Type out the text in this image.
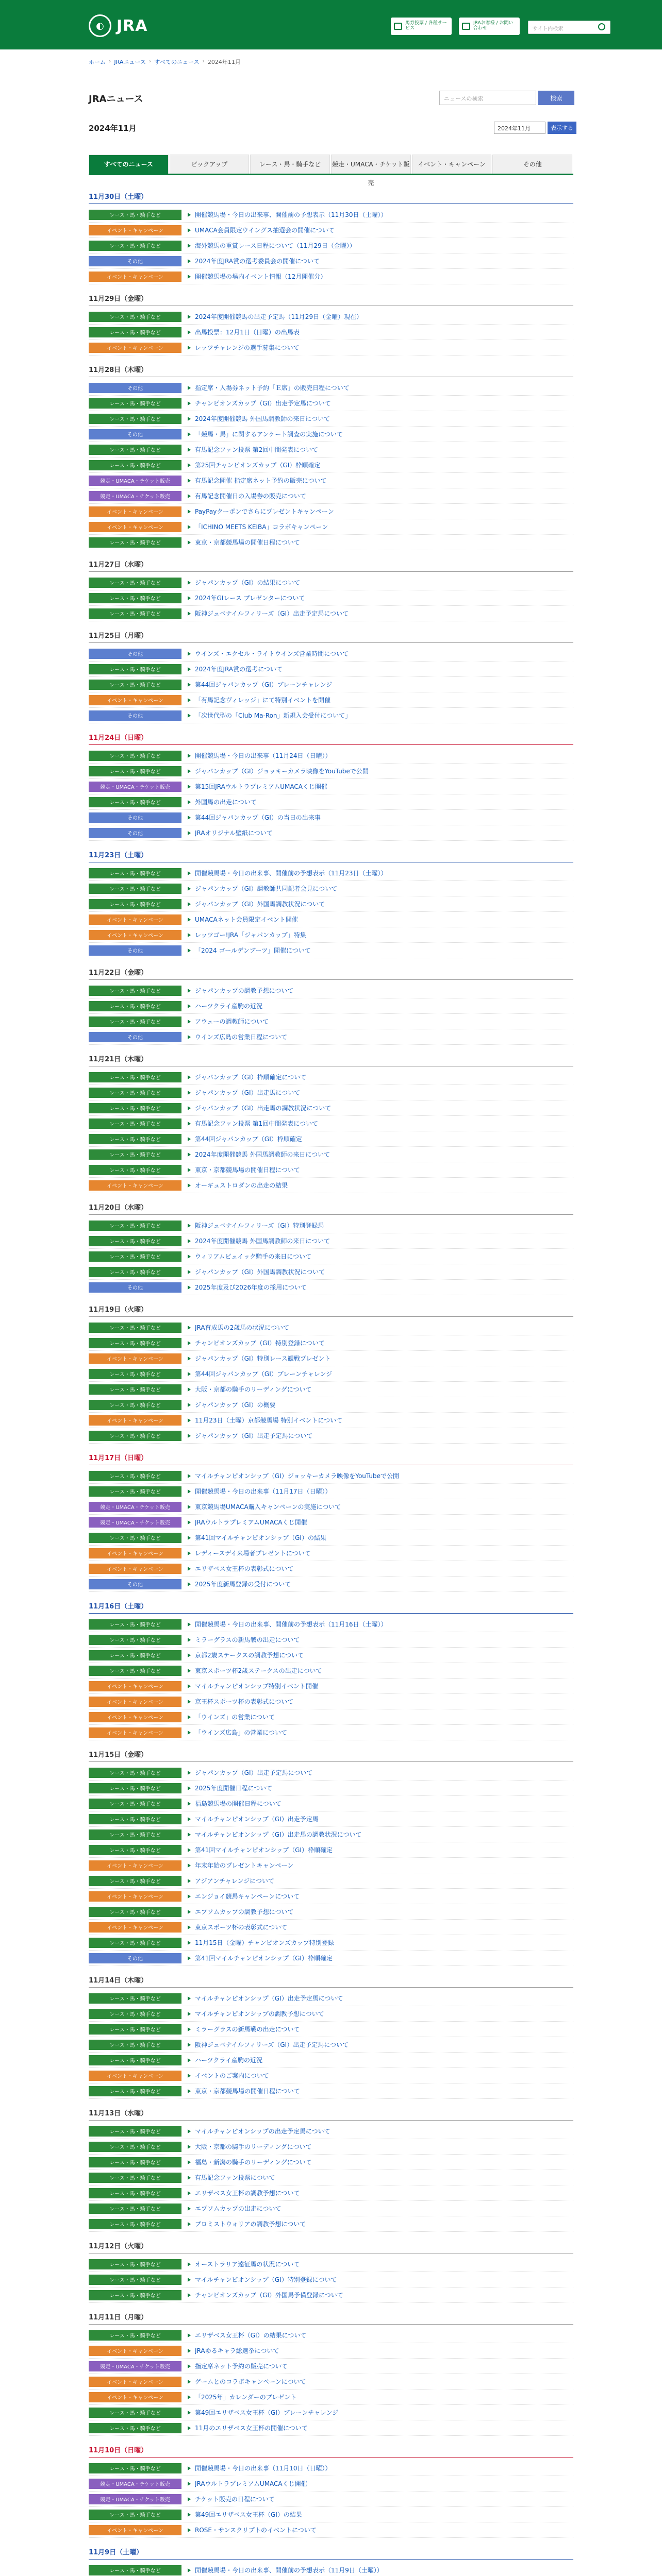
◐ JRA	馬券投票 / 各種サービス
JRAお客様 / お問い合わせ	サイト内検索
ホーム › JRAニュース › すべてのニュース › 2024年11月
JRAニュース	ニュースの検索	検索
2024年11月	2024年11月	表示する
すべてのニュース	ピックアップ	レース・馬・騎手など	競走・UMACA・チケット販売
イベント・キャンペーン	その他
11月30日（土曜）
レース・馬・騎手など	開催競馬場・今日の出来事、開催前の予想表示（11月30日（土曜））
イベント・キャンペーン	UMACA会員限定ウイングス抽選会の開催について
レース・馬・騎手など	海外競馬の重賞レース日程について（11月29日（金曜））
その他	2024年度JRA賞の選考委員会の開催について
イベント・キャンペーン	開催競馬場の場内イベント情報（12月開催分）
11月29日（金曜）
レース・馬・騎手など	2024年度開催競馬の出走予定馬（11月29日（金曜）現在）
レース・馬・騎手など	出馬投票：12月1日（日曜）の出馬表
イベント・キャンペーン	レッツチャレンジの選手募集について
11月28日（木曜）
その他	指定席・入場券ネット予約「Ｅ席」の販売日程について
レース・馬・騎手など	チャンピオンズカップ（GⅠ）出走予定馬について
レース・馬・騎手など	2024年度開催競馬 外国馬調教師の来日について
その他	「競馬・馬」に関するアンケート調査の実施について
レース・馬・騎手など	有馬記念ファン投票 第2回中間発表について
レース・馬・騎手など	第25回チャンピオンズカップ（GⅠ）枠順確定
競走・UMACA・チケット販売	有馬記念開催 指定席ネット予約の販売について
競走・UMACA・チケット販売	有馬記念開催日の入場券の販売について
イベント・キャンペーン	PayPayクーポンでさらにプレゼントキャンペーン
イベント・キャンペーン	「ICHINO MEETS KEIBA」コラボキャンペーン
レース・馬・騎手など	東京・京都競馬場の開催日程について
11月27日（水曜）
レース・馬・騎手など	ジャパンカップ（GⅠ）の結果について
レース・馬・騎手など	2024年GⅠレース プレゼンターについて
レース・馬・騎手など	阪神ジュベナイルフィリーズ（GⅠ）出走予定馬について
11月25日（月曜）
その他	ウインズ・エクセル・ライトウインズ営業時間について
レース・馬・騎手など	2024年度JRA賞の選考について
レース・馬・騎手など	第44回ジャパンカップ（GⅠ）ブレーンチャレンジ
イベント・キャンペーン	「有馬記念ヴィレッジ」にて特別イベントを開催
その他	「次世代型の「Club Ma-Ron」新規入会受付について」
11月24日（日曜）
レース・馬・騎手など	開催競馬場・今日の出来事（11月24日（日曜））
レース・馬・騎手など	ジャパンカップ（GⅠ）ジョッキーカメラ映像をYouTubeで公開
競走・UMACA・チケット販売	第15回JRAウルトラプレミアムUMACAくじ開催
レース・馬・騎手など	外国馬の出走について
その他	第44回ジャパンカップ（GⅠ）の当日の出来事
その他	JRAオリジナル壁紙について
11月23日（土曜）
レース・馬・騎手など	開催競馬場・今日の出来事、開催前の予想表示（11月23日（土曜））
レース・馬・騎手など	ジャパンカップ（GⅠ）調教師共同記者会見について
レース・馬・騎手など	ジャパンカップ（GⅠ）外国馬調教状況について
イベント・キャンペーン	UMACAネット会員限定イベント開催
イベント・キャンペーン	レッツゴー!JRA「ジャパンカップ」特集
その他	「2024 ゴールデンブーツ」開催について
11月22日（金曜）
レース・馬・騎手など	ジャパンカップの調教予想について
レース・馬・騎手など	ハーツクライ産駒の近況
レース・馬・騎手など	アウェーの調教師について
その他	ウインズ広島の営業日程について
11月21日（木曜）
レース・馬・騎手など	ジャパンカップ（GⅠ）枠順確定について
レース・馬・騎手など	ジャパンカップ（GⅠ）出走馬について
レース・馬・騎手など	ジャパンカップ（GⅠ）出走馬の調教状況について
レース・馬・騎手など	有馬記念ファン投票 第1回中間発表について
レース・馬・騎手など	第44回ジャパンカップ（GⅠ）枠順確定
レース・馬・騎手など	2024年度開催競馬 外国馬調教師の来日について
レース・馬・騎手など	東京・京都競馬場の開催日程について
イベント・キャンペーン	オーギュストロダンの出走の結果
11月20日（水曜）
レース・馬・騎手など	阪神ジュベナイルフィリーズ（GⅠ）特別登録馬
レース・馬・騎手など	2024年度開催競馬 外国馬調教師の来日について
レース・馬・騎手など	ウィリアムビュイック騎手の来日について
レース・馬・騎手など	ジャパンカップ（GⅠ）外国馬調教状況について
その他	2025年度及び2026年度の採用について
11月19日（火曜）
レース・馬・騎手など	JRA育成馬の2歳馬の状況について
レース・馬・騎手など	チャンピオンズカップ（GⅠ）特別登録について
イベント・キャンペーン	ジャパンカップ（GⅠ）特別レース観戦プレゼント
レース・馬・騎手など	第44回ジャパンカップ（GⅠ）ブレーンチャレンジ
レース・馬・騎手など	大阪・京都の騎手のリーディングについて
レース・馬・騎手など	ジャパンカップ（GⅠ）の概要
イベント・キャンペーン	11月23日（土曜）京都競馬場 特別イベントについて
レース・馬・騎手など	ジャパンカップ（GⅠ）出走予定馬について
11月17日（日曜）
レース・馬・騎手など	マイルチャンピオンシップ（GⅠ）ジョッキーカメラ映像をYouTubeで公開
レース・馬・騎手など	開催競馬場・今日の出来事（11月17日（日曜））
競走・UMACA・チケット販売	東京競馬場UMACA購入キャンペーンの実施について
競走・UMACA・チケット販売	JRAウルトラプレミアムUMACAくじ開催
レース・馬・騎手など	第41回マイルチャンピオンシップ（GⅠ）の結果
イベント・キャンペーン	レディースデイ来場者プレゼントについて
イベント・キャンペーン	エリザベス女王杯の表彰式について
その他	2025年度新馬登録の受付について
11月16日（土曜）
レース・馬・騎手など	開催競馬場・今日の出来事、開催前の予想表示（11月16日（土曜））
レース・馬・騎手など	ミラーグラスの新馬戦の出走について
レース・馬・騎手など	京都2歳ステークスの調教予想について
レース・馬・騎手など	東京スポーツ杯2歳ステークスの出走について
イベント・キャンペーン	マイルチャンピオンシップ特別イベント開催
イベント・キャンペーン	京王杯スポーツ杯の表彰式について
イベント・キャンペーン	「ウインズ」の営業について
イベント・キャンペーン	「ウインズ広島」の営業について
11月15日（金曜）
レース・馬・騎手など	ジャパンカップ（GⅠ）出走予定馬について
レース・馬・騎手など	2025年度開催日程について
レース・馬・騎手など	福島競馬場の開催日程について
レース・馬・騎手など	マイルチャンピオンシップ（GⅠ）出走予定馬
レース・馬・騎手など	マイルチャンピオンシップ（GⅠ）出走馬の調教状況について
レース・馬・騎手など	第41回マイルチャンピオンシップ（GⅠ）枠順確定
イベント・キャンペーン	年末年始のプレゼントキャンペーン
レース・馬・騎手など	アジアンチャレンジについて
イベント・キャンペーン	エンジョイ競馬キャンペーンについて
レース・馬・騎手など	エプソムカップの調教予想について
イベント・キャンペーン	東京スポーツ杯の表彰式について
レース・馬・騎手など	11月15日（金曜）チャンピオンズカップ特別登録
その他	第41回マイルチャンピオンシップ（GⅠ）枠順確定
11月14日（木曜）
レース・馬・騎手など	マイルチャンピオンシップ（GⅠ）出走予定馬について
レース・馬・騎手など	マイルチャンピオンシップの調教予想について
レース・馬・騎手など	ミラーグラスの新馬戦の出走について
レース・馬・騎手など	阪神ジュベナイルフィリーズ（GⅠ）出走予定馬について
レース・馬・騎手など	ハーツクライ産駒の近況
イベント・キャンペーン	イベントのご案内について
レース・馬・騎手など	東京・京都競馬場の開催日程について
11月13日（水曜）
レース・馬・騎手など	マイルチャンピオンシップの出走予定馬について
レース・馬・騎手など	大阪・京都の騎手のリーディングについて
レース・馬・騎手など	福島・新潟の騎手のリーディングについて
レース・馬・騎手など	有馬記念ファン投票について
レース・馬・騎手など	エリザベス女王杯の調教予想について
レース・馬・騎手など	エプソムカップの出走について
レース・馬・騎手など	プロミストウォリアの調教予想について
11月12日（火曜）
レース・馬・騎手など	オーストラリア遠征馬の状況について
レース・馬・騎手など	マイルチャンピオンシップ（GⅠ）特別登録について
レース・馬・騎手など	チャンピオンズカップ（GⅠ）外国馬予備登録について
11月11日（月曜）
レース・馬・騎手など	エリザベス女王杯（GⅠ）の結果について
イベント・キャンペーン	JRAゆるキャラ総選挙について
競走・UMACA・チケット販売	指定席ネット予約の販売について
イベント・キャンペーン	ゲームとのコラボキャンペーンについて
イベント・キャンペーン	「2025年」カレンダーのプレゼント
レース・馬・騎手など	第49回エリザベス女王杯（GⅠ）ブレーンチャレンジ
レース・馬・騎手など	11月のエリザベス女王杯の開催について
11月10日（日曜）
レース・馬・騎手など	開催競馬場・今日の出来事（11月10日（日曜））
競走・UMACA・チケット販売	JRAウルトラプレミアムUMACAくじ開催
競走・UMACA・チケット販売	チケット販売の日程について
レース・馬・騎手など	第49回エリザベス女王杯（GⅠ）の結果
イベント・キャンペーン	ROSE・サンスクリプトのイベントについて
11月9日（土曜）
レース・馬・騎手など	開催競馬場・今日の出来事、開催前の予想表示（11月9日（土曜））
